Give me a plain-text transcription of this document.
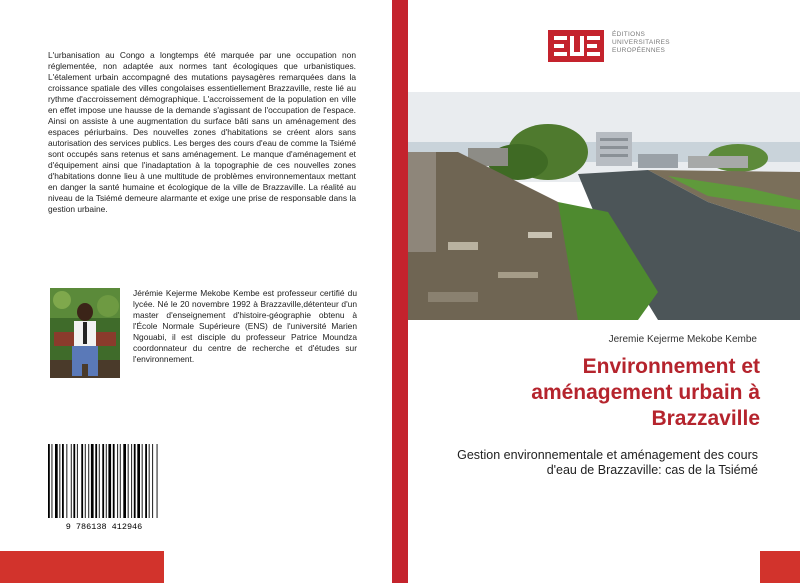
L'urbanisation au Congo a longtemps été marquée par une occupation non réglementée, non adaptée aux normes tant écologiques que urbanistiques. L'étalement urbain accompagné des mutations paysagères remarquées dans la croissance spatiale des villes congolaises essentiellement Brazzaville, reste lié au rythme d'accroissement démographique. L'accroissement de la population en ville en effet impose une hausse de la demande s'agissant de l'occupation de l'espace. Ainsi on assiste à une augmentation du surface bâti sans un aménagement des espaces périurbains. Des nouvelles zones d'habitations se créent alors sans autorisation des services publics. Les berges des cours d'eau de comme la Tsiémé sont occupés sans retenus et sans aménagement. Le manque d'aménagement et d'équipement ainsi que l'inadaptation à la topographie de ces nouvelles zones d'habitations donne lieu à une multitude de problèmes environnementaux mettant en danger la santé humaine et écologique de la ville de Brazzaville. La réalité au niveau de la Tsiémé demeure alarmante et exige une prise de responsable dans la gestion urbaine.
Jérémie Kejerme Mekobe Kembe est professeur certifié du lycée. Né le 20 novembre 1992 à Brazzaville,détenteur d'un master d'enseignement d'histoire-géographie obtenu à l'École Normale Supérieure (ENS) de l'université Marien Ngouabi, il est disciple du professeur Patrice Moundza coordonnateur du centre de recherche et d'études sur l'environnement.
9 786138 412946
ÉDITIONS
UNIVERSITAIRES
EUROPÉENNES
Jeremie Kejerme Mekobe Kembe
Environnement et aménagement urbain à Brazzaville
Gestion environnementale et aménagement des cours d'eau de Brazzaville: cas de la Tsiémé
